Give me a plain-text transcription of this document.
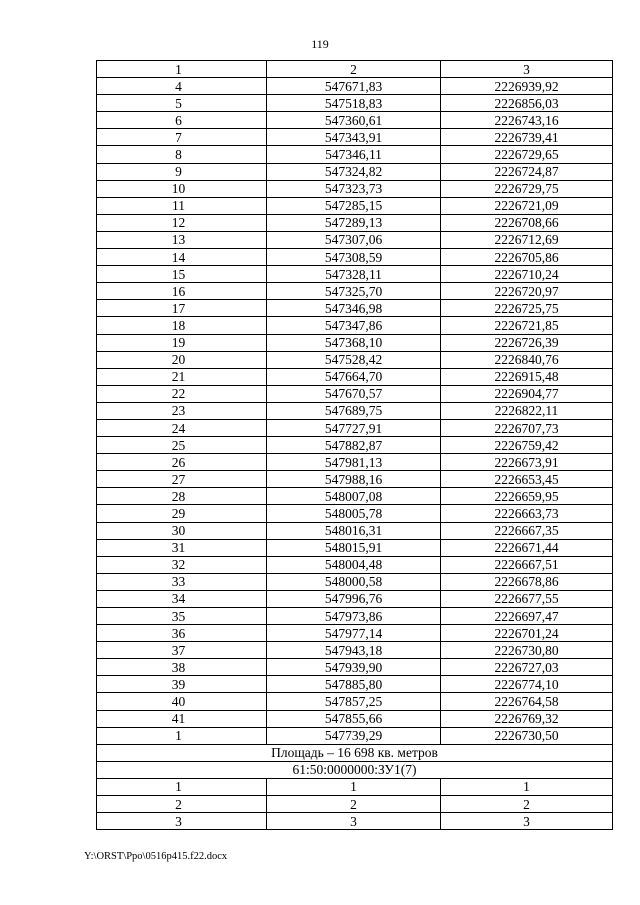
119
1	2	3
4	547671,83	2226939,92
5	547518,83	2226856,03
6	547360,61	2226743,16
7	547343,91	2226739,41
8	547346,11	2226729,65
9	547324,82	2226724,87
10	547323,73	2226729,75
11	547285,15	2226721,09
12	547289,13	2226708,66
13	547307,06	2226712,69
14	547308,59	2226705,86
15	547328,11	2226710,24
16	547325,70	2226720,97
17	547346,98	2226725,75
18	547347,86	2226721,85
19	547368,10	2226726,39
20	547528,42	2226840,76
21	547664,70	2226915,48
22	547670,57	2226904,77
23	547689,75	2226822,11
24	547727,91	2226707,73
25	547882,87	2226759,42
26	547981,13	2226673,91
27	547988,16	2226653,45
28	548007,08	2226659,95
29	548005,78	2226663,73
30	548016,31	2226667,35
31	548015,91	2226671,44
32	548004,48	2226667,51
33	548000,58	2226678,86
34	547996,76	2226677,55
35	547973,86	2226697,47
36	547977,14	2226701,24
37	547943,18	2226730,80
38	547939,90	2226727,03
39	547885,80	2226774,10
40	547857,25	2226764,58
41	547855,66	2226769,32
1	547739,29	2226730,50
Площадь – 16 698 кв. метров		
61:50:0000000:ЗУ1(7)		
1	1	1
2	2	2
3	3	3
Y:\ORST\Ppo\0516p415.f22.docx
